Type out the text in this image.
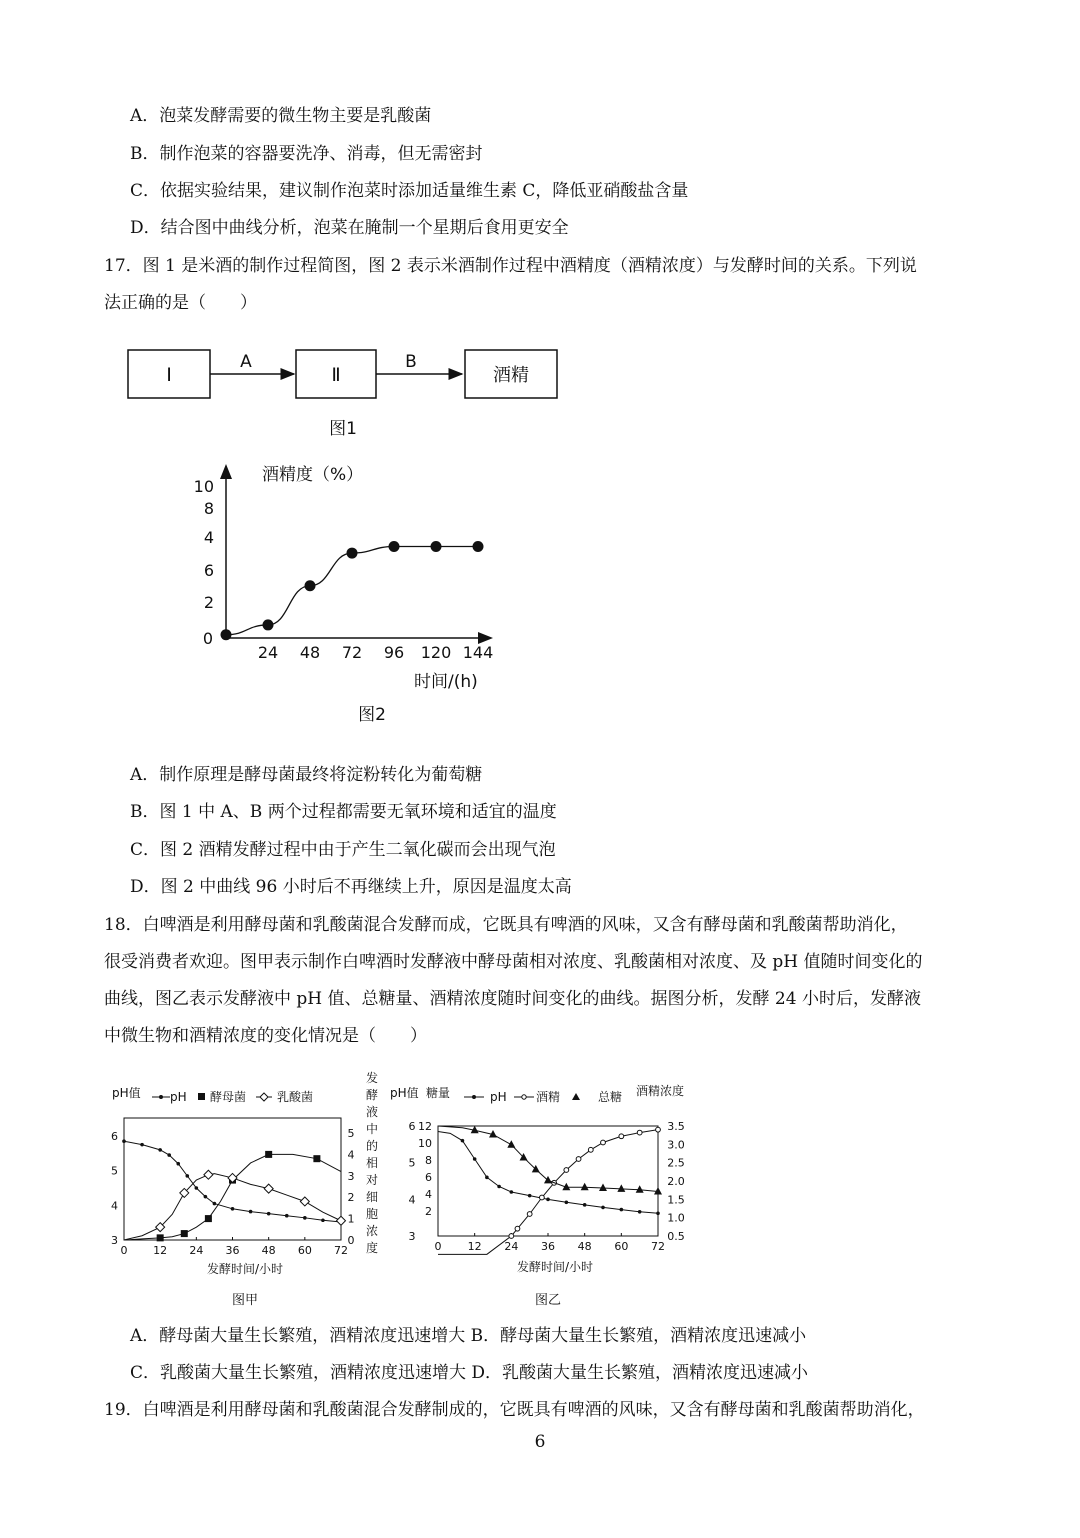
A．泡菜发酵需要的微生物主要是乳酸菌
B．制作泡菜的容器要洗净、消毒，但无需密封
C．依据实验结果，建议制作泡菜时添加适量维生素 C，降低亚硝酸盐含量
D．结合图中曲线分析，泡菜在腌制一个星期后食用更安全
17．图 1 是米酒的制作过程简图，图 2 表示米酒制作过程中酒精度（酒精浓度）与发酵时间的关系。下列说
法正确的是（　　）
Ⅰ
A
Ⅱ
B
酒精
图1
酒精度（%）
时间/(h)
0
24 48 72 96 120 144
2
6
4
8
10
图2
A．制作原理是酵母菌最终将淀粉转化为葡萄糖
B．图 1 中 A、B 两个过程都需要无氧环境和适宜的温度
C．图 2 酒精发酵过程中由于产生二氧化碳而会出现气泡
D．图 2 中曲线 96 小时后不再继续上升，原因是温度太高
18．白啤酒是利用酵母菌和乳酸菌混合发酵而成，它既具有啤酒的风味，又含有酵母菌和乳酸菌帮助消化，
很受消费者欢迎。图甲表示制作白啤酒时发酵液中酵母菌相对浓度、乳酸菌相对浓度、及 pH 值随时间变化的
曲线，图乙表示发酵液中 pH 值、总糖量、酒精浓度随时间变化的曲线。据图分析，发酵 24 小时后，发酵液
中微生物和酒精浓度的变化情况是（　　）
pH值 pH 酵母菌	乳酸菌
0 12 24 36 48 60 72
3
4
5
6
0
1
2
3
4
5
发
酵
液
中
的
相
对
细
胞
浓
度
发酵时间/小时
图甲
pH值 糖量	酒精浓度
pH 酒精	总糖
0 12 24 36 48 60 72
3
4
5
6
2
4
6
8
10
12
0.5
1.0
1.5
2.0
2.5
3.0
3.5
发酵时间/小时
图乙
A．酵母菌大量生长繁殖，酒精浓度迅速增大 B．酵母菌大量生长繁殖，酒精浓度迅速减小
C．乳酸菌大量生长繁殖，酒精浓度迅速增大 D．乳酸菌大量生长繁殖，酒精浓度迅速减小
19．白啤酒是利用酵母菌和乳酸菌混合发酵制成的，它既具有啤酒的风味，又含有酵母菌和乳酸菌帮助消化，
6
